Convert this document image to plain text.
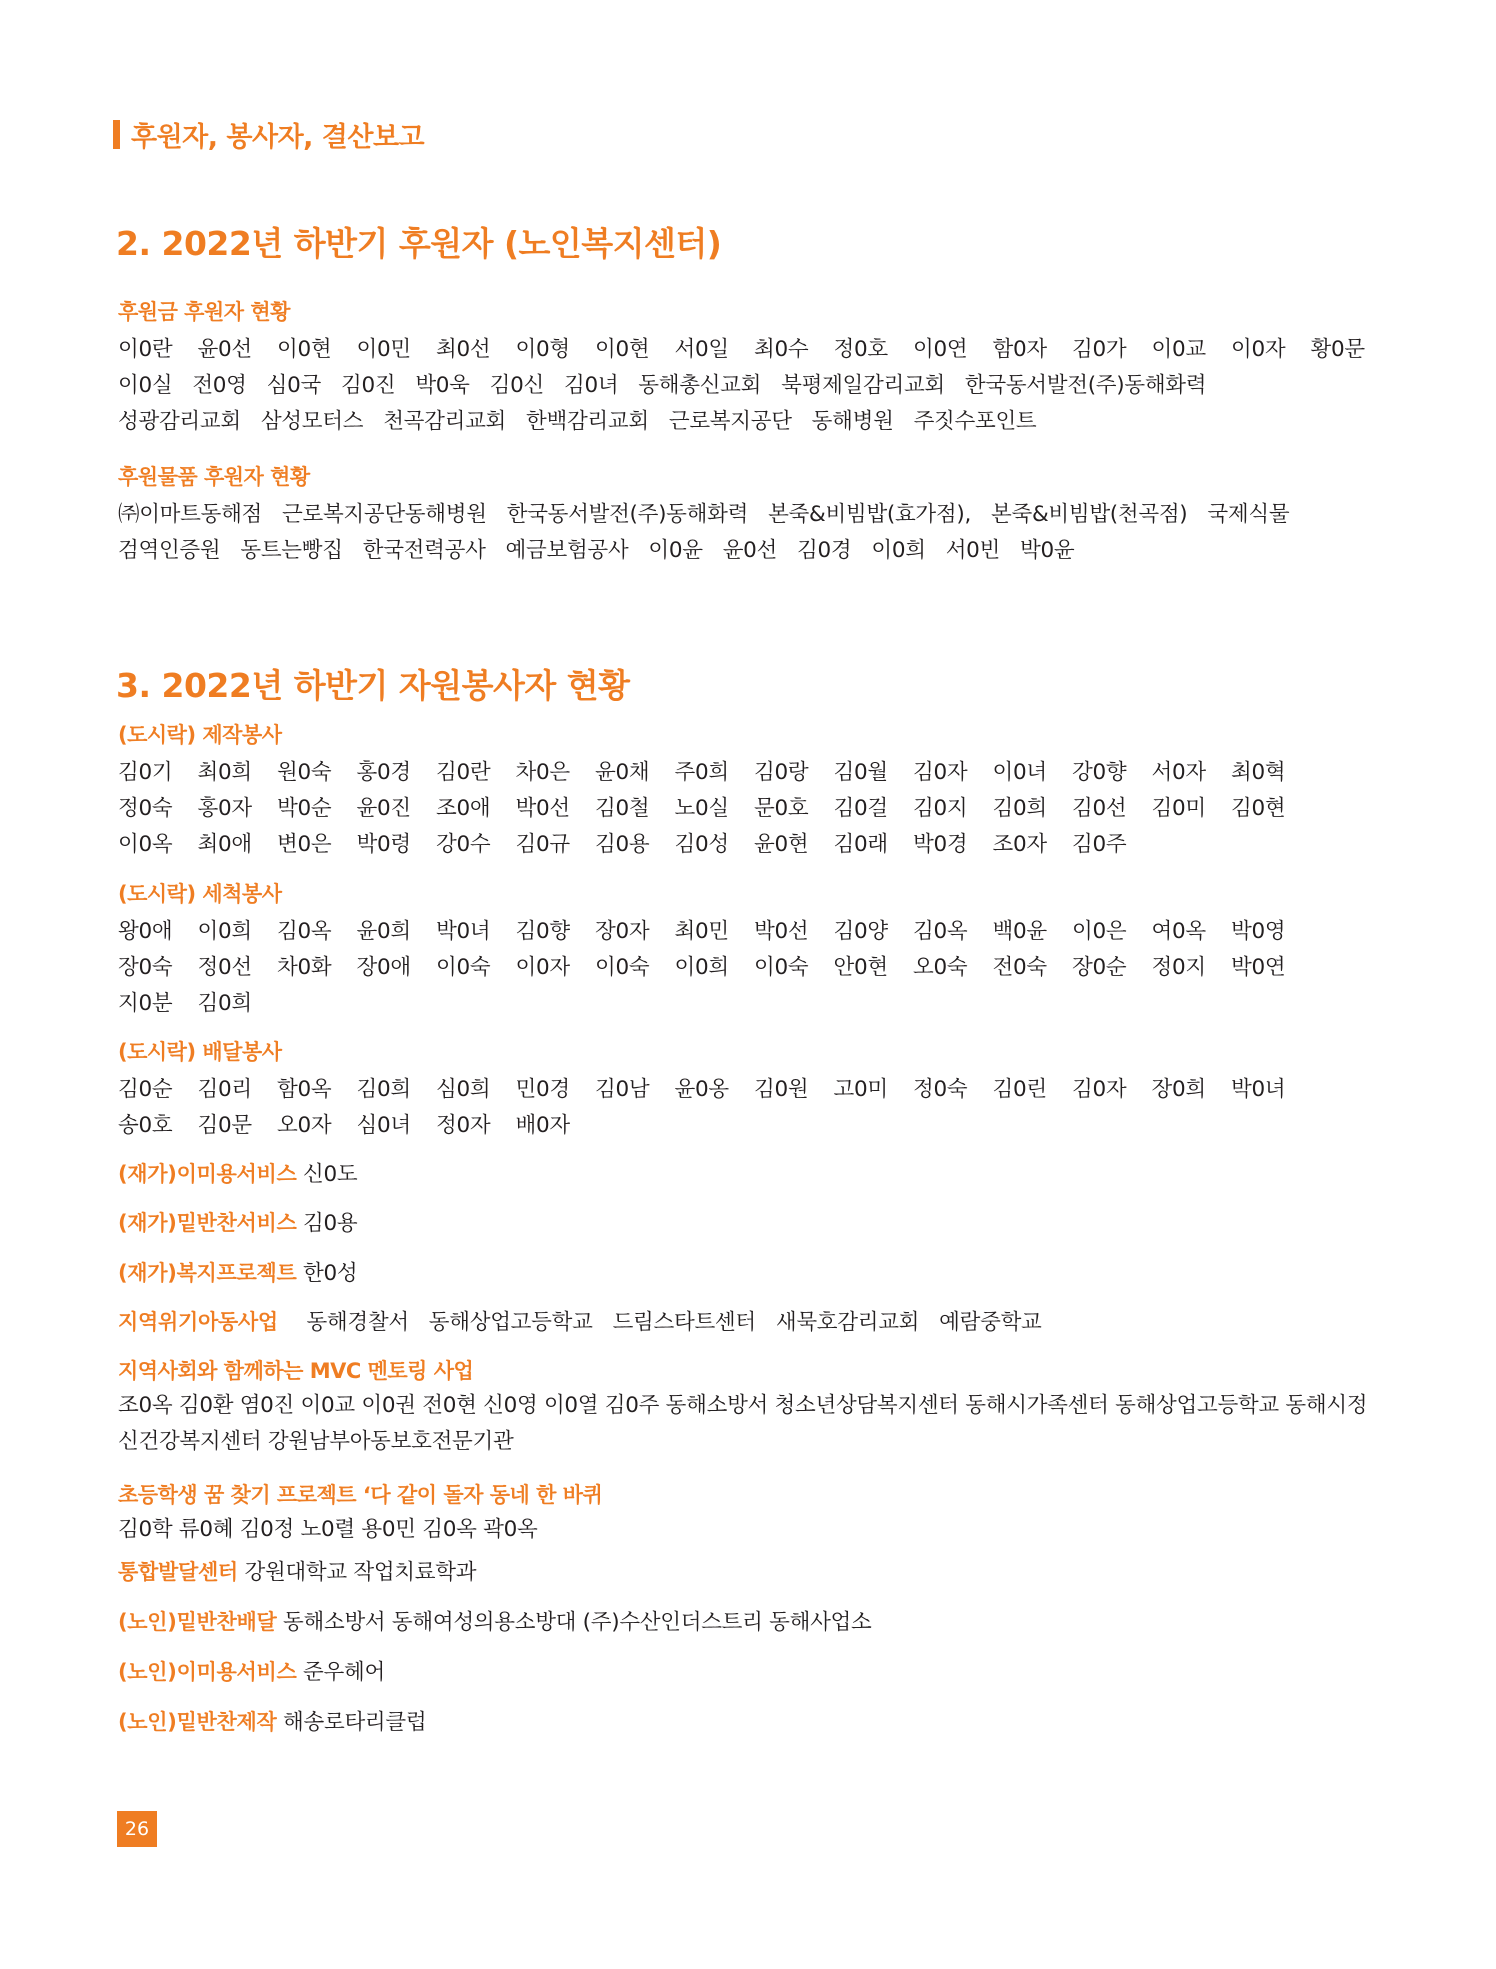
후원자, 봉사자, 결산보고
2. 2022년 하반기 후원자 (노인복지센터)
후원금 후원자 현황
이0란	윤0선	이0현	이0민	최0선	이0형	이0현	서0일	최0수	정0호	이0연	함0자	김0가	이0교	이0자	황0문
이0실 전0영 심0국 김0진 박0욱 김0신 김0녀 동해총신교회 북평제일감리교회 한국동서발전(주)동해화력
성광감리교회 삼성모터스 천곡감리교회 한백감리교회 근로복지공단 동해병원 주짓수포인트
후원물품 후원자 현황
㈜이마트동해점 근로복지공단동해병원 한국동서발전(주)동해화력 본죽&비빔밥(효가점), 본죽&비빔밥(천곡점) 국제식물
검역인증원 동트는빵집 한국전력공사 예금보험공사 이0윤 윤0선 김0경 이0희 서0빈 박0윤
3. 2022년 하반기 자원봉사자 현황
(도시락) 제작봉사
김0기	최0희	원0숙	홍0경	김0란	차0은	윤0채	주0희	김0랑	김0월	김0자	이0녀	강0향	서0자	최0혁
정0숙	홍0자	박0순	윤0진	조0애	박0선	김0철	노0실	문0호	김0걸	김0지	김0희	김0선	김0미	김0현
이0옥	최0애	변0은	박0령	강0수	김0규	김0용	김0성	윤0현	김0래	박0경	조0자	김0주
(도시락) 세척봉사
왕0애	이0희	김0옥	윤0희	박0녀	김0향	장0자	최0민	박0선	김0양	김0옥	백0윤	이0은	여0옥	박0영
장0숙	정0선	차0화	장0애	이0숙	이0자	이0숙	이0희	이0숙	안0현	오0숙	전0숙	장0순	정0지	박0연
지0분	김0희
(도시락) 배달봉사
김0순	김0리	함0옥	김0희	심0희	민0경	김0남	윤0옹	김0원	고0미	정0숙	김0린	김0자	장0희	박0녀
송0호	김0문	오0자	심0녀	정0자	배0자
(재가)이미용서비스 신0도
(재가)밑반찬서비스 김0용
(재가)복지프로젝트 한0성
지역위기아동사업 동해경찰서 동해상업고등학교 드림스타트센터 새묵호감리교회 예람중학교
지역사회와 함께하는 MVC 멘토링 사업
조0옥 김0환 염0진 이0교 이0권 전0현 신0영 이0열 김0주 동해소방서 청소년상담복지센터 동해시가족센터 동해상업고등학교 동해시정신건강복지센터 강원남부아동보호전문기관
초등학생 꿈 찾기 프로젝트 ‘다 같이 돌자 동네 한 바퀴
김0학 류0혜 김0정 노0렬 용0민 김0옥 곽0옥
통합발달센터 강원대학교 작업치료학과
(노인)밑반찬배달 동해소방서 동해여성의용소방대 (주)수산인더스트리 동해사업소
(노인)이미용서비스 준우헤어
(노인)밑반찬제작 해송로타리클럽
26
